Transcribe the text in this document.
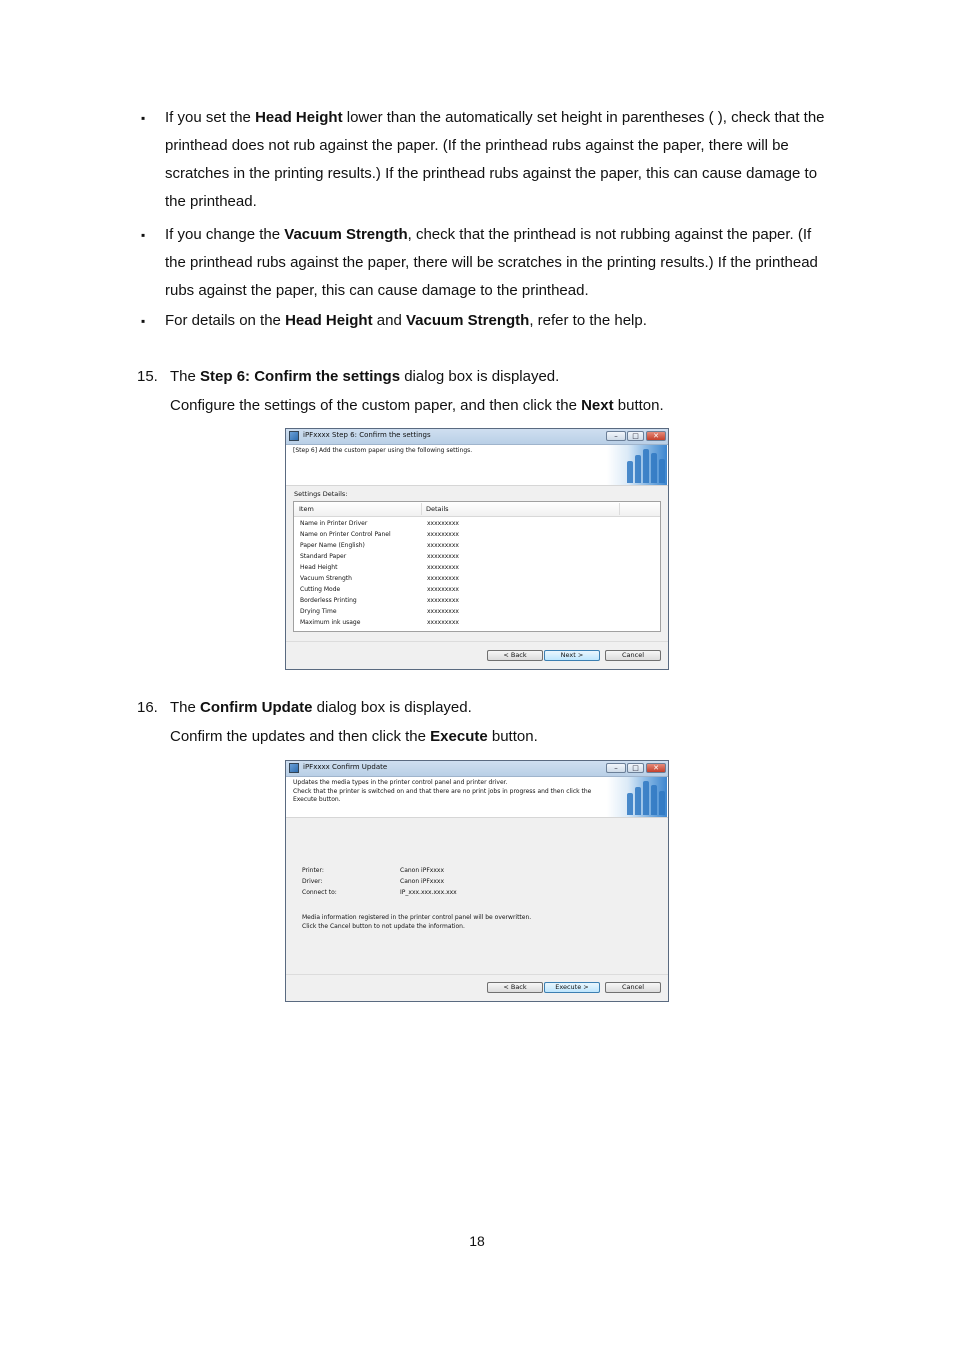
▪ If you set the Head Height lower than the automatically set height in parentheses ( ), check that the printhead does not rub against the paper. (If the printhead rubs against the paper, there will be scratches in the printing results.) If the printhead rubs against the paper, this can cause damage to the printhead.
▪ If you change the Vacuum Strength, check that the printhead is not rubbing against the paper. (If the printhead rubs against the paper, there will be scratches in the printing results.) If the printhead rubs against the paper, this can cause damage to the printhead.
▪ For details on the Head Height and Vacuum Strength, refer to the help.
15. The Step 6: Confirm the settings dialog box is displayed.
Configure the settings of the custom paper, and then click the Next button.
iPFxxxx Step 6: Confirm the settings	–	□	✕
[Step 6] Add the custom paper using the following settings.
Settings Details:
Item	Details
Name in Printer Driver	xxxxxxxxx
Name on Printer Control Panel	xxxxxxxxx
Paper Name (English)	xxxxxxxxx
Standard Paper	xxxxxxxxx
Head Height	xxxxxxxxx
Vacuum Strength	xxxxxxxxx
Cutting Mode	xxxxxxxxx
Borderless Printing	xxxxxxxxx
Drying Time	xxxxxxxxx
Maximum ink usage	xxxxxxxxx
< Back	Next >	Cancel
16. The Confirm Update dialog box is displayed.
Confirm the updates and then click the Execute button.
iPFxxxx Confirm Update	–	□	✕
Updates the media types in the printer control panel and printer driver.
Check that the printer is switched on and that there are no print jobs in progress and then click the
Execute button.
Printer:	Canon iPFxxxx
Driver:	Canon iPFxxxx
Connect to:	IP_xxx.xxx.xxx.xxx
Media information registered in the printer control panel will be overwritten.
Click the Cancel button to not update the information.
< Back	Execute >	Cancel
18
